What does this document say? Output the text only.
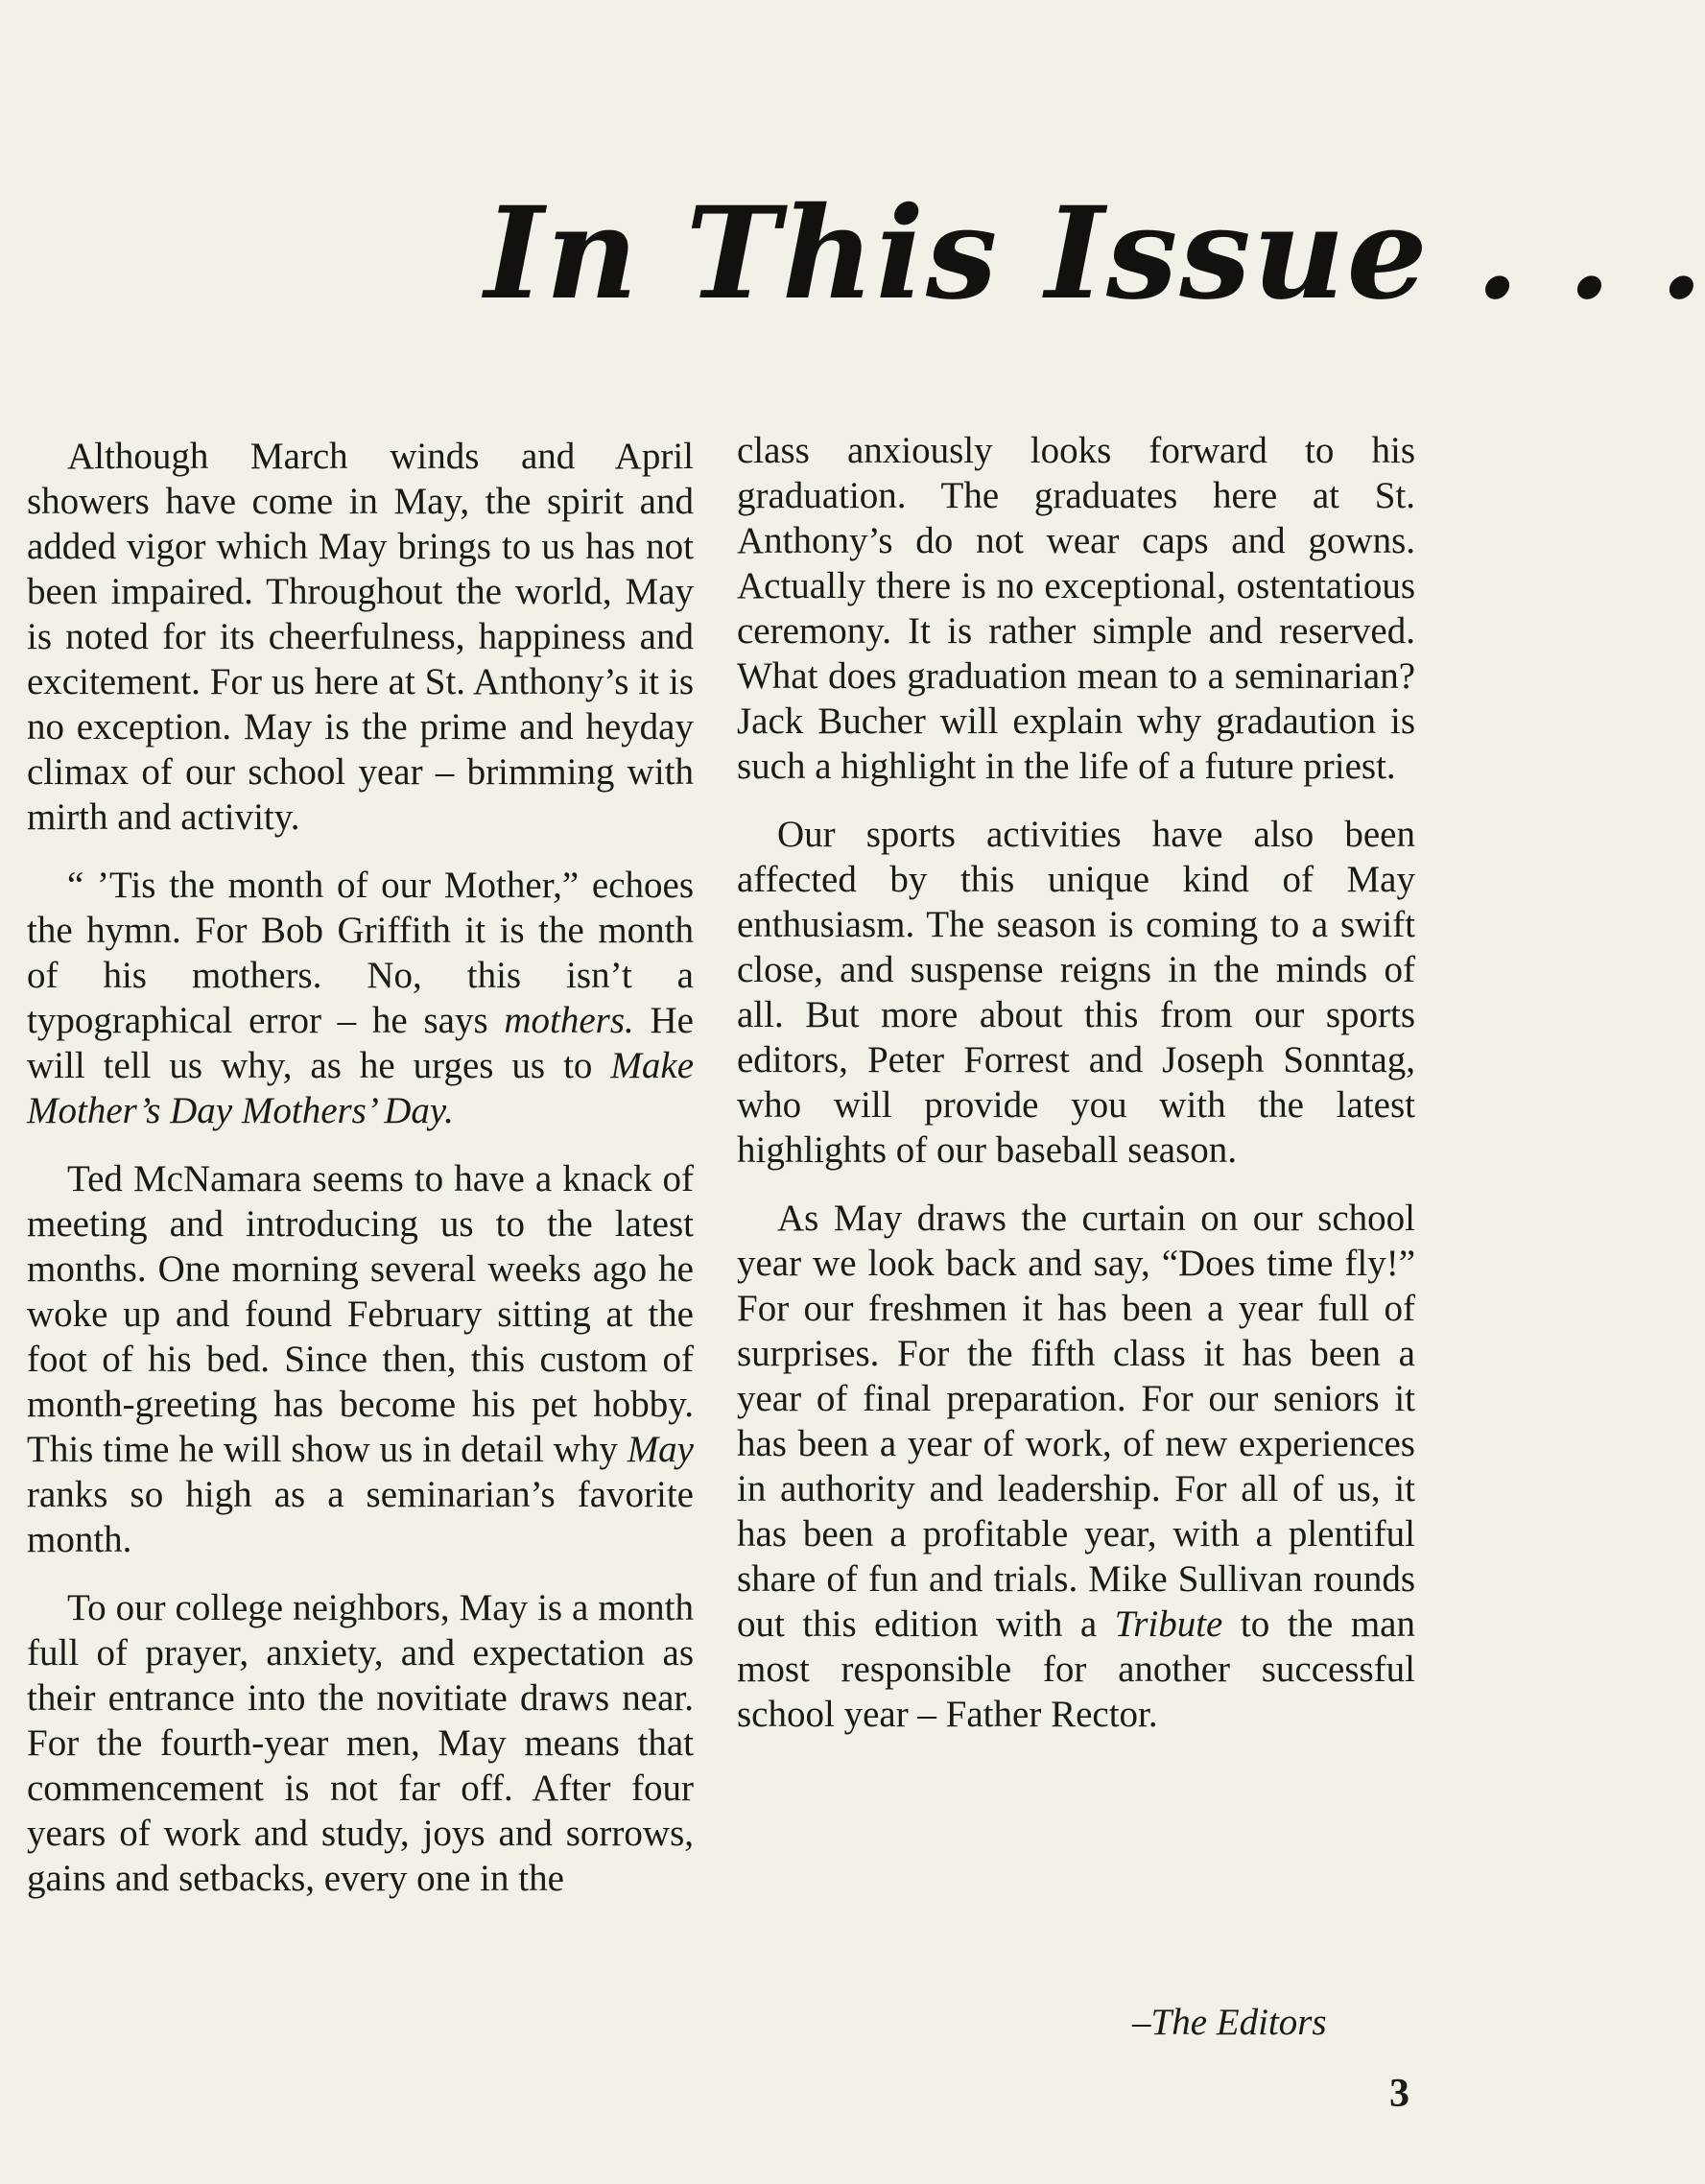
In This Issue . . .

Although March winds and April showers have come in May, the spirit and added vigor which May brings to us has not been impaired. Throughout the world, May is noted for its cheerfulness, happiness and excitement. For us here at St. Anthony’s it is no exception. May is the prime and heyday climax of our school year – brimming with mirth and activity.

“ ’Tis the month of our Mother,” echoes the hymn. For Bob Griffith it is the month of his mothers. No, this isn’t a typographical error – he says mothers. He will tell us why, as he urges us to Make Mother’s Day Mothers’ Day.

Ted McNamara seems to have a knack of meeting and introducing us to the latest months. One morning several weeks ago he woke up and found February sitting at the foot of his bed. Since then, this custom of month-greeting has become his pet hobby. This time he will show us in detail why May ranks so high as a seminarian’s favorite month.

To our college neighbors, May is a month full of prayer, anxiety, and expectation as their entrance into the novitiate draws near. For the fourth-year men, May means that commencement is not far off. After four years of work and study, joys and sorrows, gains and setbacks, every one in the

class anxiously looks forward to his graduation. The graduates here at St. Anthony’s do not wear caps and gowns. Actually there is no exceptional, ostentatious ceremony. It is rather simple and reserved. What does graduation mean to a seminarian? Jack Bucher will explain why gradaution is such a highlight in the life of a future priest.

Our sports activities have also been affected by this unique kind of May enthusiasm. The season is coming to a swift close, and suspense reigns in the minds of all. But more about this from our sports editors, Peter Forrest and Joseph Sonntag, who will provide you with the latest highlights of our baseball season.

As May draws the curtain on our school year we look back and say, “Does time fly!” For our freshmen it has been a year full of surprises. For the fifth class it has been a year of final preparation. For our seniors it has been a year of work, of new experiences in authority and leadership. For all of us, it has been a profitable year, with a plentiful share of fun and trials. Mike Sullivan rounds out this edition with a Tribute to the man most responsible for another successful school year – Father Rector.

–The Editors
3
